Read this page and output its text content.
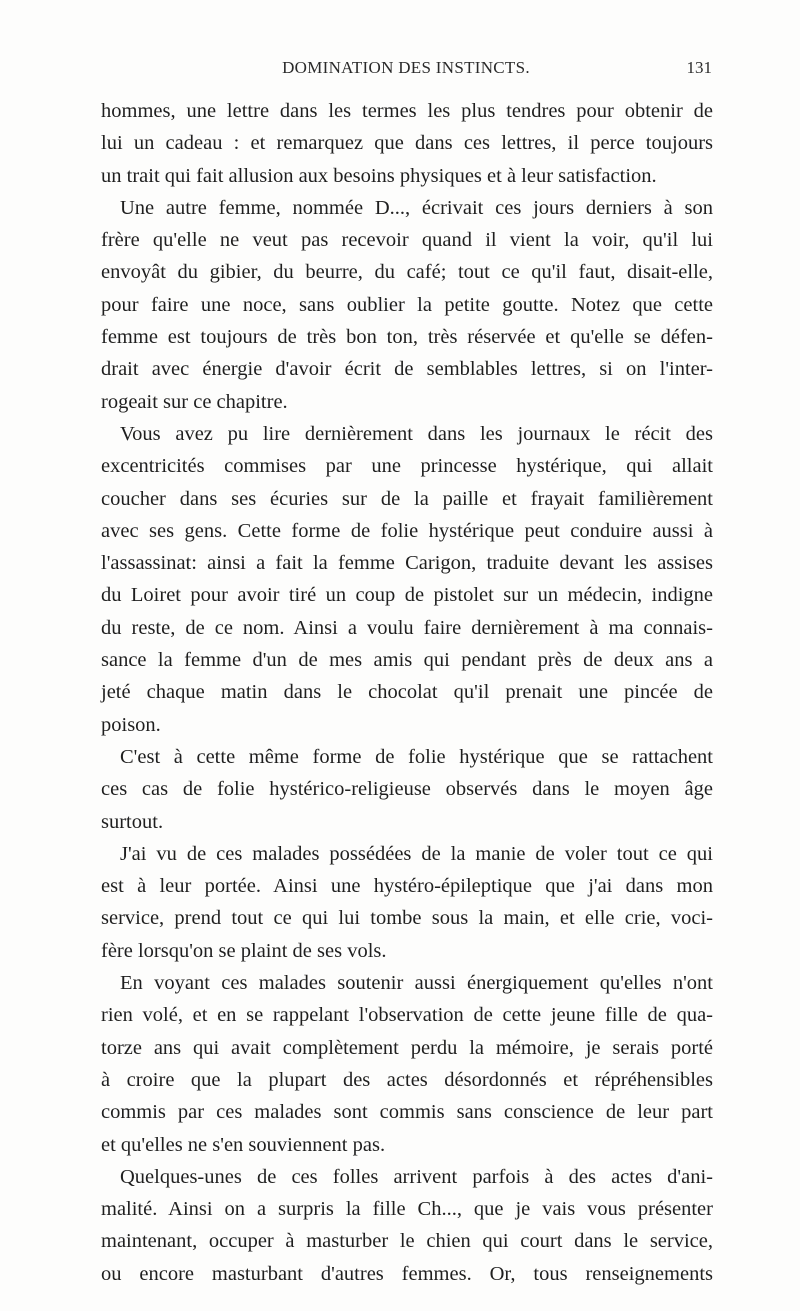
DOMINATION DES INSTINCTS.	131
hommes, une lettre dans les termes les plus tendres pour obtenir de
lui un cadeau : et remarquez que dans ces lettres, il perce toujours
un trait qui fait allusion aux besoins physiques et à leur satisfaction.
Une autre femme, nommée D..., écrivait ces jours derniers à son
frère qu'elle ne veut pas recevoir quand il vient la voir, qu'il lui
envoyât du gibier, du beurre, du café; tout ce qu'il faut, disait-elle,
pour faire une noce, sans oublier la petite goutte. Notez que cette
femme est toujours de très bon ton, très réservée et qu'elle se défen-
drait avec énergie d'avoir écrit de semblables lettres, si on l'inter-
rogeait sur ce chapitre.
Vous avez pu lire dernièrement dans les journaux le récit des
excentricités commises par une princesse hystérique, qui allait
coucher dans ses écuries sur de la paille et frayait familièrement
avec ses gens. Cette forme de folie hystérique peut conduire aussi à
l'assassinat: ainsi a fait la femme Carigon, traduite devant les assises
du Loiret pour avoir tiré un coup de pistolet sur un médecin, indigne
du reste, de ce nom. Ainsi a voulu faire dernièrement à ma connais-
sance la femme d'un de mes amis qui pendant près de deux ans a
jeté chaque matin dans le chocolat qu'il prenait une pincée de
poison.
C'est à cette même forme de folie hystérique que se rattachent
ces cas de folie hystérico-religieuse observés dans le moyen âge
surtout.
J'ai vu de ces malades possédées de la manie de voler tout ce qui
est à leur portée. Ainsi une hystéro-épileptique que j'ai dans mon
service, prend tout ce qui lui tombe sous la main, et elle crie, voci-
fère lorsqu'on se plaint de ses vols.
En voyant ces malades soutenir aussi énergiquement qu'elles n'ont
rien volé, et en se rappelant l'observation de cette jeune fille de qua-
torze ans qui avait complètement perdu la mémoire, je serais porté
à croire que la plupart des actes désordonnés et répréhensibles
commis par ces malades sont commis sans conscience de leur part
et qu'elles ne s'en souviennent pas.
Quelques-unes de ces folles arrivent parfois à des actes d'ani-
malité. Ainsi on a surpris la fille Ch..., que je vais vous présenter
maintenant, occuper à masturber le chien qui court dans le service,
ou encore masturbant d'autres femmes. Or, tous renseignements
